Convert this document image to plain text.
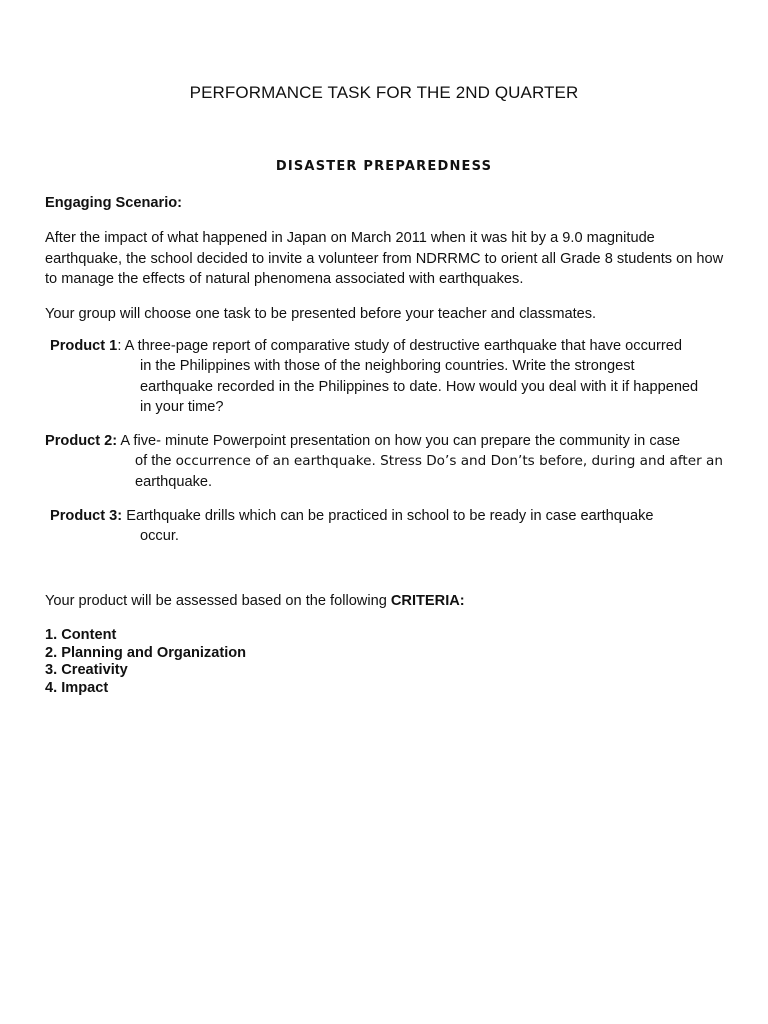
PERFORMANCE TASK FOR THE 2ND QUARTER
DISASTER PREPAREDNESS
Engaging Scenario:
After the impact of what happened in Japan on March 2011 when it was hit by a 9.0 magnitude earthquake, the school decided to invite a volunteer from NDRRMC to orient all Grade 8 students on how to manage the effects of natural phenomena associated with earthquakes.
Your group will choose one task to be presented before your teacher and classmates.
Product 1: A three-page report of comparative study of destructive earthquake that have occurred
in the Philippines with those of the neighboring countries. Write the strongest
earthquake recorded in the Philippines to date. How would you deal with it if happened
in your time?
Product 2: A five- minute Powerpoint presentation on how you can prepare the community in case
of the occurrence of an earthquake. Stress Do’s and Don’ts before, during and after an
earthquake.
Product 3: Earthquake drills which can be practiced in school to be ready in case earthquake
occur.
Your product will be assessed based on the following CRITERIA:
1. Content
2. Planning and Organization
3. Creativity
4. Impact
